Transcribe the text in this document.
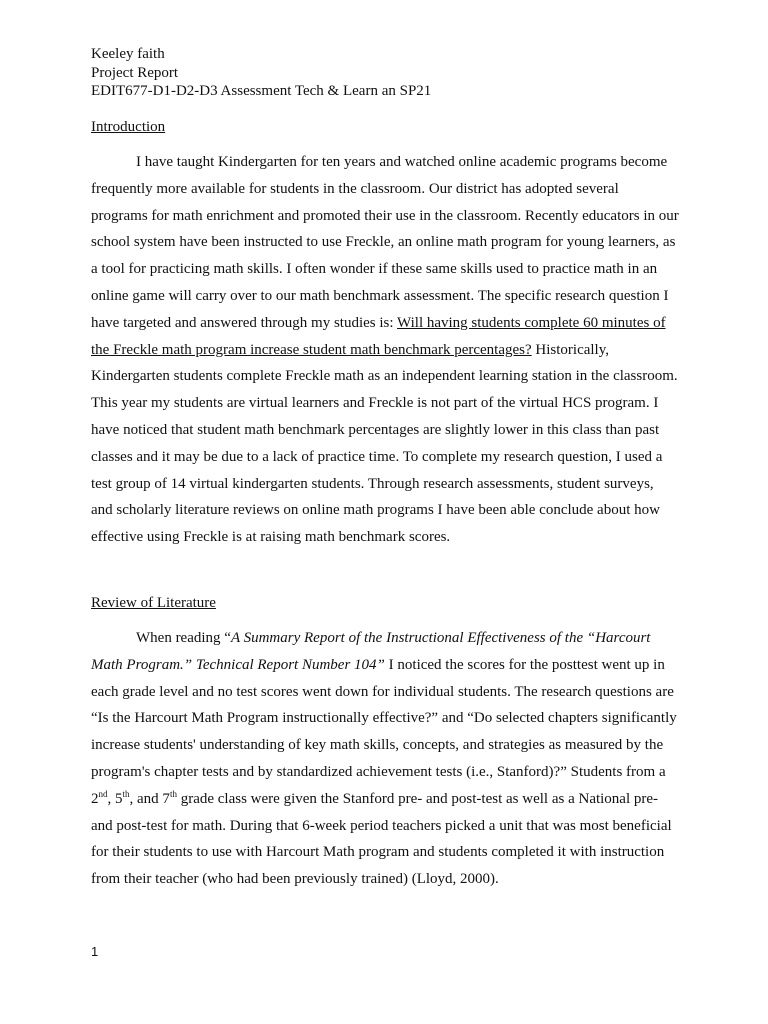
Keeley faith
Project Report
EDIT677-D1-D2-D3 Assessment Tech & Learn an SP21
Introduction

I have taught Kindergarten for ten years and watched online academic programs become frequently more available for students in the classroom. Our district has adopted several programs for math enrichment and promoted their use in the classroom. Recently educators in our school system have been instructed to use Freckle, an online math program for young learners, as a tool for practicing math skills. I often wonder if these same skills used to practice math in an online game will carry over to our math benchmark assessment. The specific research question I have targeted and answered through my studies is: Will having students complete 60 minutes of the Freckle math program increase student math benchmark percentages? Historically, Kindergarten students complete Freckle math as an independent learning station in the classroom. This year my students are virtual learners and Freckle is not part of the virtual HCS program. I have noticed that student math benchmark percentages are slightly lower in this class than past classes and it may be due to a lack of practice time. To complete my research question, I used a test group of 14 virtual kindergarten students. Through research assessments, student surveys, and scholarly literature reviews on online math programs I have been able conclude about how effective using Freckle is at raising math benchmark scores.

Review of Literature

When reading “A Summary Report of the Instructional Effectiveness of the “Harcourt Math Program.” Technical Report Number 104” I noticed the scores for the posttest went up in each grade level and no test scores went down for individual students. The research questions are “Is the Harcourt Math Program instructionally effective?” and “Do selected chapters significantly increase students' understanding of key math skills, concepts, and strategies as measured by the program's chapter tests and by standardized achievement tests (i.e., Stanford)?” Students from a 2nd, 5th, and 7th grade class were given the Stanford pre- and post-test as well as a National pre- and post-test for math. During that 6-week period teachers picked a unit that was most beneficial for their students to use with Harcourt Math program and students completed it with instruction from their teacher (who had been previously trained) (Lloyd, 2000).

1
